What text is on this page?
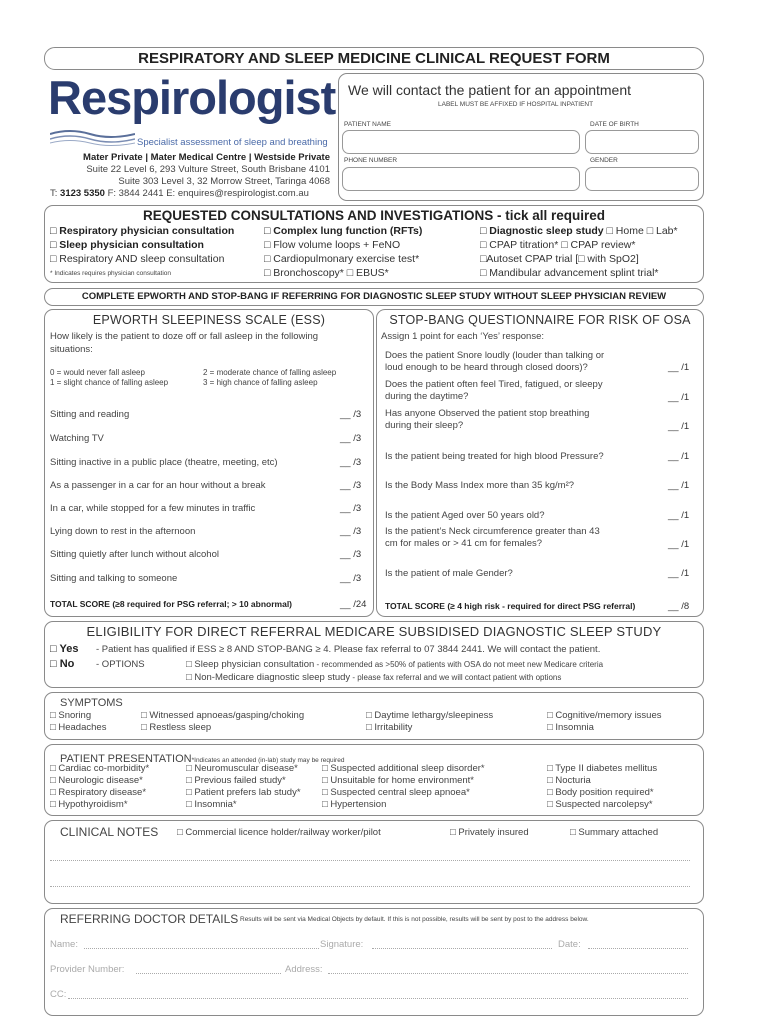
RESPIRATORY AND SLEEP MEDICINE CLINICAL REQUEST FORM
Respirologist
Specialist assessment of sleep and breathing
Mater Private | Mater Medical Centre | Westside Private
Suite 22 Level 6, 293 Vulture Street, South Brisbane 4101
Suite 303 Level 3, 32 Morrow Street, Taringa 4068
T: 3123 5350 F: 3844 2441 E: enquires@respirologist.com.au
We will contact the patient for an appointment
LABEL MUST BE AFFIXED IF HOSPITAL INPATIENT
PATIENT NAME	DATE OF BIRTH
PHONE NUMBER	GENDER
REQUESTED CONSULTATIONS AND INVESTIGATIONS - tick all required
□ Respiratory physician consultation
□ Sleep physician consultation
□ Respiratory AND sleep consultation
* Indicates requires physician consultation
□ Complex lung function (RFTs)
□ Flow volume loops + FeNO
□ Cardiopulmonary exercise test*
□ Bronchoscopy* □ EBUS*
□ Diagnostic sleep study □ Home □ Lab*
□ CPAP titration* □ CPAP review*
□Autoset CPAP trial [□ with SpO2]
□ Mandibular advancement splint trial*
COMPLETE EPWORTH AND STOP-BANG IF REFERRING FOR DIAGNOSTIC SLEEP STUDY WITHOUT SLEEP PHYSICIAN REVIEW
EPWORTH SLEEPINESS SCALE (ESS)
How likely is the patient to doze off or fall asleep in the following
situations:
0 = would never fall asleep
1 = slight chance of falling asleep
2 = moderate chance of falling asleep
3 = high chance of falling asleep
Sitting and reading	__ /3
Watching TV	__ /3
Sitting inactive in a public place (theatre, meeting, etc)	__ /3
As a passenger in a car for an hour without a break	__ /3
In a car, while stopped for a few minutes in traffic	__ /3
Lying down to rest in the afternoon	__ /3
Sitting quietly after lunch without alcohol	__ /3
Sitting and talking to someone	__ /3
TOTAL SCORE (≥8 required for PSG referral; > 10 abnormal)	__ /24
STOP-BANG QUESTIONNAIRE FOR RISK OF OSA
Assign 1 point for each ‘Yes’ response:
Does the patient Snore loudly (louder than talking or
loud enough to be heard through closed doors)?	__ /1
Does the patient often feel Tired, fatigued, or sleepy
during the daytime?	__ /1
Has anyone Observed the patient stop breathing
during their sleep?	__ /1
Is the patient being treated for high blood Pressure?	__ /1
Is the Body Mass Index more than 35 kg/m²?	__ /1
Is the patient Aged over 50 years old?	__ /1
Is the patient’s Neck circumference greater than 43
cm for males or > 41 cm for females?	__ /1
Is the patient of male Gender?	__ /1
TOTAL SCORE (≥ 4 high risk - required for direct PSG referral)	__ /8
ELIGIBILITY FOR DIRECT REFERRAL MEDICARE SUBSIDISED DIAGNOSTIC SLEEP STUDY
□ Yes - Patient has qualified if ESS ≥ 8 AND STOP-BANG ≥ 4. Please fax referral to 07 3844 2441. We will contact the patient.
□ No - OPTIONS	□ Sleep physician consultation - recommended as >50% of patients with OSA do not meet new Medicare criteria
□ Non-Medicare diagnostic sleep study - please fax referral and we will contact patient with options
SYMPTOMS
□ Snoring
□ Headaches
□ Witnessed apnoeas/gasping/choking
□ Restless sleep
□ Daytime lethargy/sleepiness
□ Irritability
□ Cognitive/memory issues
□ Insomnia
PATIENT PRESENTATION*Indicates an attended (in-lab) study may be required
□ Cardiac co-morbidity*
□ Neurologic disease*
□ Respiratory disease*
□ Hypothyroidism*
□ Neuromuscular disease*
□ Previous failed study*
□ Patient prefers lab study*
□ Insomnia*
□ Suspected additional sleep disorder*
□ Unsuitable for home environment*
□ Suspected central sleep apnoea*
□ Hypertension
□ Type II diabetes mellitus
□ Nocturia
□ Body position required*
□ Suspected narcolepsy*
CLINICAL NOTES □ Commercial licence holder/railway worker/pilot	□ Privately insured	□ Summary attached
REFERRING DOCTOR DETAILS Results will be sent via Medical Objects by default. If this is not possible, results will be sent by post to the address below.
Name:	Signature:	Date:
Provider Number:	Address:
CC:
